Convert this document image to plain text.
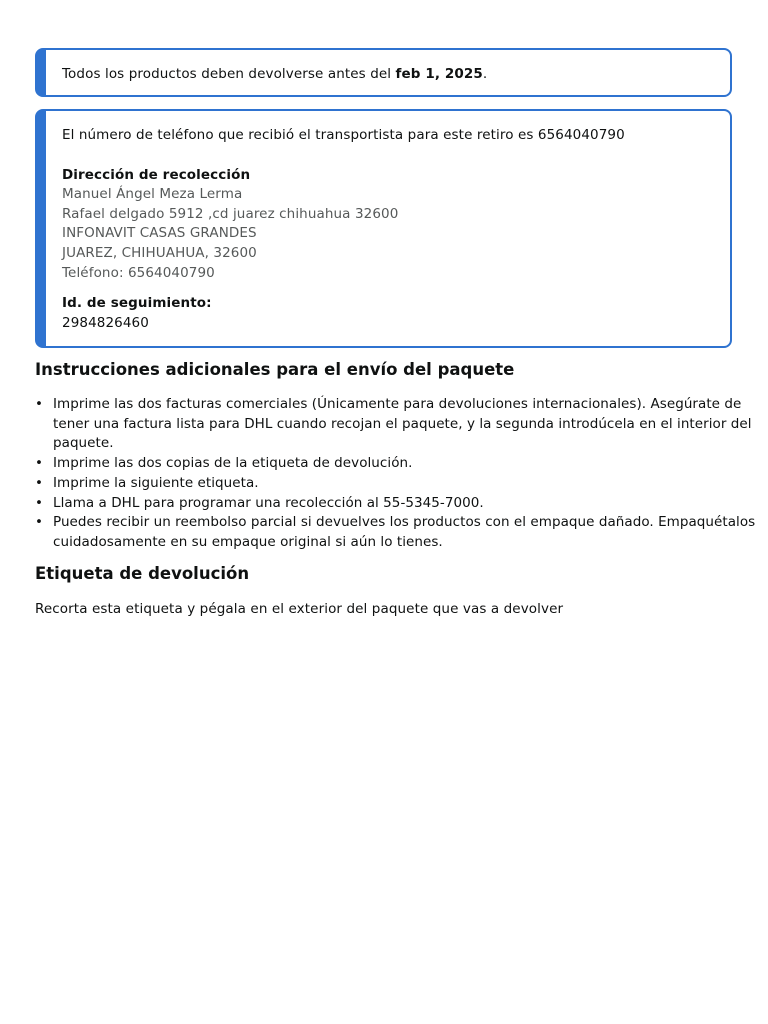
Todos los productos deben devolverse antes del feb 1, 2025.
El número de teléfono que recibió el transportista para este retiro es 6564040790
Dirección de recolección
Manuel Ángel Meza Lerma
Rafael delgado 5912 ,cd juarez chihuahua 32600
INFONAVIT CASAS GRANDES
JUAREZ, CHIHUAHUA, 32600
Teléfono: 6564040790
Id. de seguimiento:
2984826460
Instrucciones adicionales para el envío del paquete
• Imprime las dos facturas comerciales (Únicamente para devoluciones internacionales). Asegúrate de
tener una factura lista para DHL cuando recojan el paquete, y la segunda introdúcela en el interior del
paquete.
• Imprime las dos copias de la etiqueta de devolución.
• Imprime la siguiente etiqueta.
• Llama a DHL para programar una recolección al 55-5345-7000.
• Puedes recibir un reembolso parcial si devuelves los productos con el empaque dañado. Empaquétalos
cuidadosamente en su empaque original si aún lo tienes.
Etiqueta de devolución
Recorta esta etiqueta y pégala en el exterior del paquete que vas a devolver
